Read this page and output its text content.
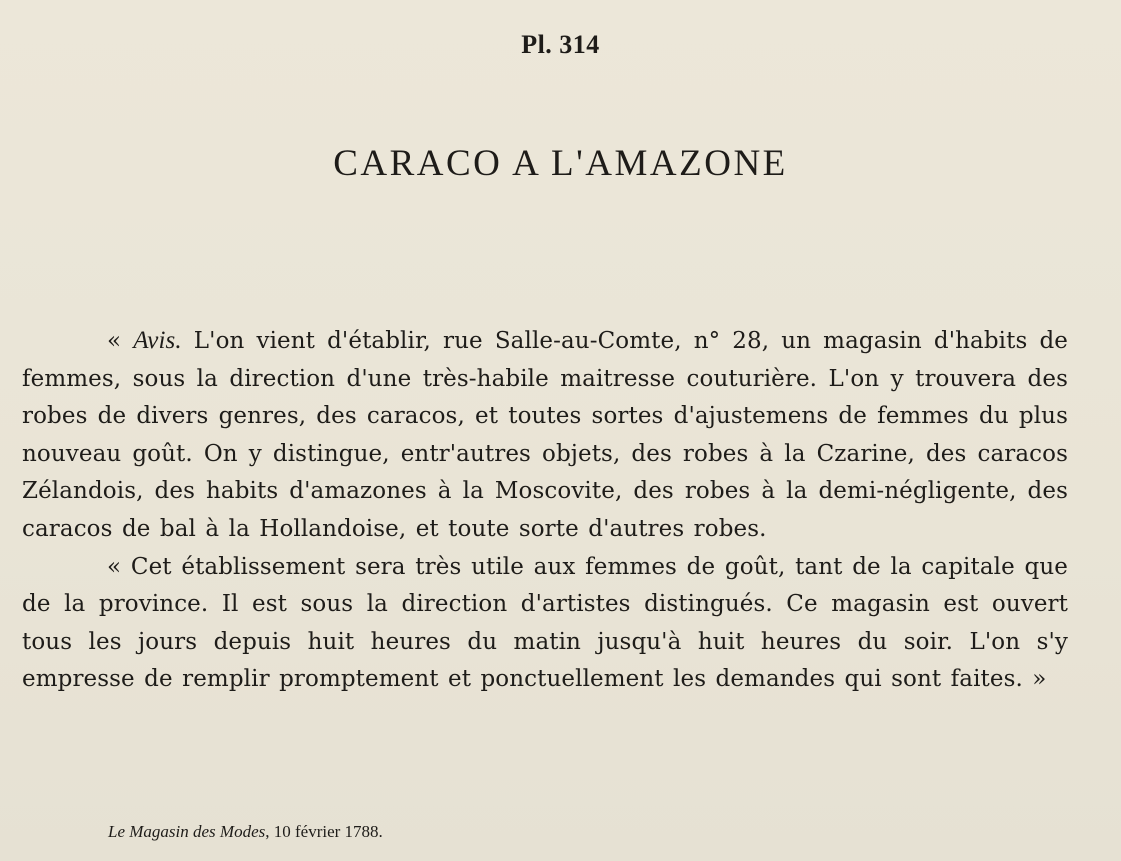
Pl. 314
CARACO A L'AMAZONE

« Avis. L'on vient d'établir, rue Salle-au-Comte, n° 28, un magasin d'habits de femmes, sous la direction d'une très-habile maitresse couturière. L'on y trouvera des robes de divers genres, des caracos, et toutes sortes d'ajustemens de femmes du plus nouveau goût. On y distingue, entr'autres objets, des robes à la Czarine, des caracos Zélandois, des habits d'amazones à la Moscovite, des robes à la demi-négligente, des caracos de bal à la Hollandoise, et toute sorte d'autres robes.

« Cet établissement sera très utile aux femmes de goût, tant de la capitale que de la province. Il est sous la direction d'artistes distingués. Ce magasin est ouvert tous les jours depuis huit heures du matin jusqu'à huit heures du soir. L'on s'y empresse de remplir promptement et ponctuellement les demandes qui sont faites. »

Le Magasin des Modes, 10 février 1788.
